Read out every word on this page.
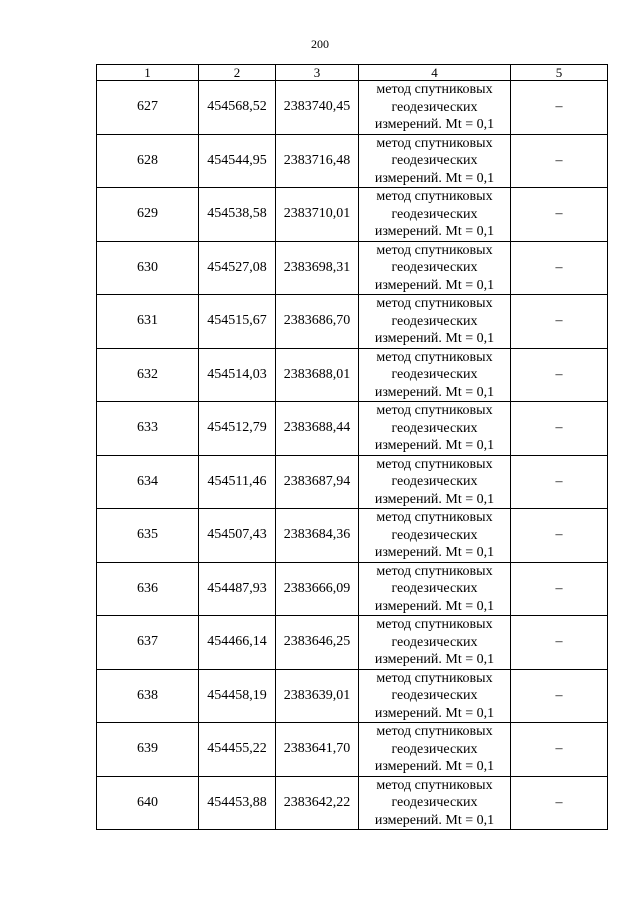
200
1	2	3	4	5
627	454568,52	2383740,45	метод спутниковых
геодезических
измерений. Mt = 0,1	–
628	454544,95	2383716,48	метод спутниковых
геодезических
измерений. Mt = 0,1	–
629	454538,58	2383710,01	метод спутниковых
геодезических
измерений. Mt = 0,1	–
630	454527,08	2383698,31	метод спутниковых
геодезических
измерений. Mt = 0,1	–
631	454515,67	2383686,70	метод спутниковых
геодезических
измерений. Mt = 0,1	–
632	454514,03	2383688,01	метод спутниковых
геодезических
измерений. Mt = 0,1	–
633	454512,79	2383688,44	метод спутниковых
геодезических
измерений. Mt = 0,1	–
634	454511,46	2383687,94	метод спутниковых
геодезических
измерений. Mt = 0,1	–
635	454507,43	2383684,36	метод спутниковых
геодезических
измерений. Mt = 0,1	–
636	454487,93	2383666,09	метод спутниковых
геодезических
измерений. Mt = 0,1	–
637	454466,14	2383646,25	метод спутниковых
геодезических
измерений. Mt = 0,1	–
638	454458,19	2383639,01	метод спутниковых
геодезических
измерений. Mt = 0,1	–
639	454455,22	2383641,70	метод спутниковых
геодезических
измерений. Mt = 0,1	–
640	454453,88	2383642,22	метод спутниковых
геодезических
измерений. Mt = 0,1	–
